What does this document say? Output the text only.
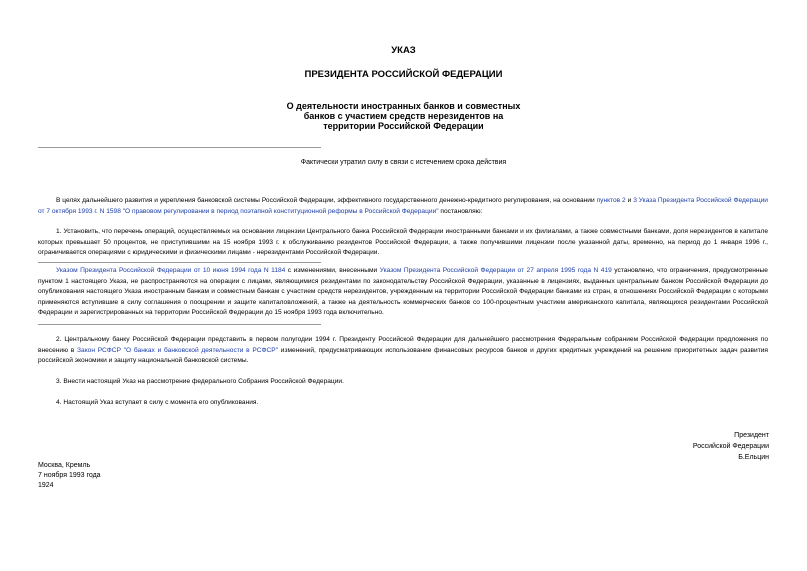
УКАЗ
ПРЕЗИДЕНТА РОССИЙСКОЙ ФЕДЕРАЦИИ
О деятельности иностранных банков и совместных
банков с участием средств нерезидентов на
территории Российской Федерации
Фактически утратил силу в связи с истечением срока действия
В целях дальнейшего развития и укрепления банковской системы Российской Федерации, эффективного государственного денежно-кредитного регулирования, на основании пунктов 2 и 3 Указа Президента Российской Федерации от 7 октября 1993 г. N 1598 "О правовом регулировании в период поэтапной конституционной реформы в Российской Федерации" постановляю:
1. Установить, что перечень операций, осуществляемых на основании лицензии Центрального банка Российской Федерации иностранными банками и их филиалами, а также совместными банками, доля нерезидентов в капитале которых превышает 50 процентов, не приступившими на 15 ноября 1993 г. к обслуживанию резидентов Российской Федерации, а также получившими лицензии после указанной даты, временно, на период до 1 января 1996 г., ограничивается операциями с юридическими и физическими лицами - нерезидентами Российской Федерации.
Указом Президента Российской Федерации от 10 июня 1994 года N 1184 с изменениями, внесенными Указом Президента Российской Федерации от 27 апреля 1995 года N 419 установлено, что ограничения, предусмотренные пунктом 1 настоящего Указа, не распространяются на операции с лицами, являющимися резидентами по законодательству Российской Федерации, указанные в лицензиях, выданных центральным банком Российской Федерации до опубликования настоящего Указа иностранным банкам и совместным банкам с участием средств нерезидентов, учрежденным на территории Российской Федерации банками из стран, в отношениях Российской Федерации с которыми применяются вступившие в силу соглашения о поощрении и защите капиталовложений, а также на деятельность коммерческих банков со 100-процентным участием американского капитала, являющихся резидентами Российской Федерации и зарегистрированных на территории Российской Федерации до 15 ноября 1993 года включительно.
2. Центральному банку Российской Федерации представить в первом полугодии 1994 г. Президенту Российской Федерации для дальнейшего рассмотрения Федеральным собранием Российской Федерации предложения по внесению в Закон РСФСР "О банках и банковской деятельности в РСФСР" изменений, предусматривающих использование финансовых ресурсов банков и других кредитных учреждений на решение приоритетных задач развития российской экономики и защиту национальной банковской системы.
3. Внести настоящий Указ на рассмотрение федерального Собрания Российской Федерации.
4. Настоящий Указ вступает в силу с момента его опубликования.
Президент
Российской Федерации
Б.Ельцин
Москва, Кремль
7 ноября 1993 года
1924
